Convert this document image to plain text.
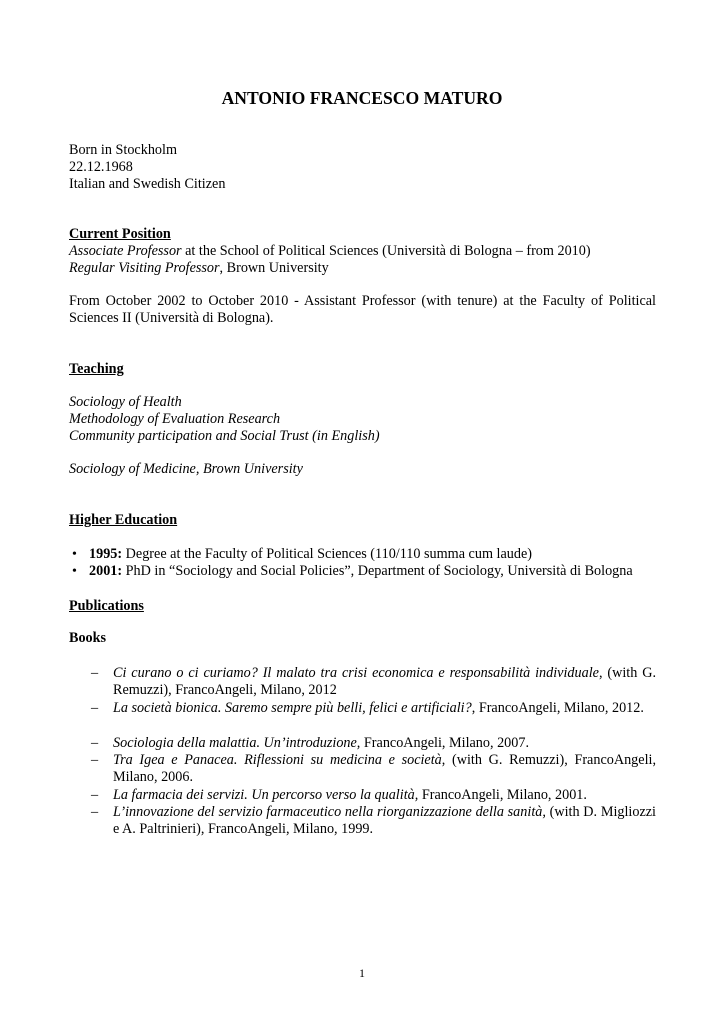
ANTONIO FRANCESCO MATURO
Born in Stockholm
22.12.1968
Italian and Swedish Citizen
Current Position
Associate Professor at the School of Political Sciences (Università di Bologna – from 2010)
Regular Visiting Professor, Brown University
From October 2002 to October 2010 - Assistant Professor (with tenure) at the Faculty of Political Sciences II (Università di Bologna).
Teaching
Sociology of Health
Methodology of Evaluation Research
Community participation and Social Trust (in English)
Sociology of Medicine, Brown University
Higher Education
• 1995: Degree at the Faculty of Political Sciences (110/110 summa cum laude)
• 2001: PhD in “Sociology and Social Policies”, Department of Sociology, Università di Bologna
Publications
Books
– Ci curano o ci curiamo? Il malato tra crisi economica e responsabilità individuale, (with G. Remuzzi), FrancoAngeli, Milano, 2012
– La società bionica. Saremo sempre più belli, felici e artificiali?, FrancoAngeli, Milano, 2012.
– Sociologia della malattia. Un’introduzione, FrancoAngeli, Milano, 2007.
– Tra Igea e Panacea. Riflessioni su medicina e società, (with G. Remuzzi), FrancoAngeli, Milano, 2006.
– La farmacia dei servizi. Un percorso verso la qualità, FrancoAngeli, Milano, 2001.
– L’innovazione del servizio farmaceutico nella riorganizzazione della sanità, (with D. Migliozzi e A. Paltrinieri), FrancoAngeli, Milano, 1999.
1
